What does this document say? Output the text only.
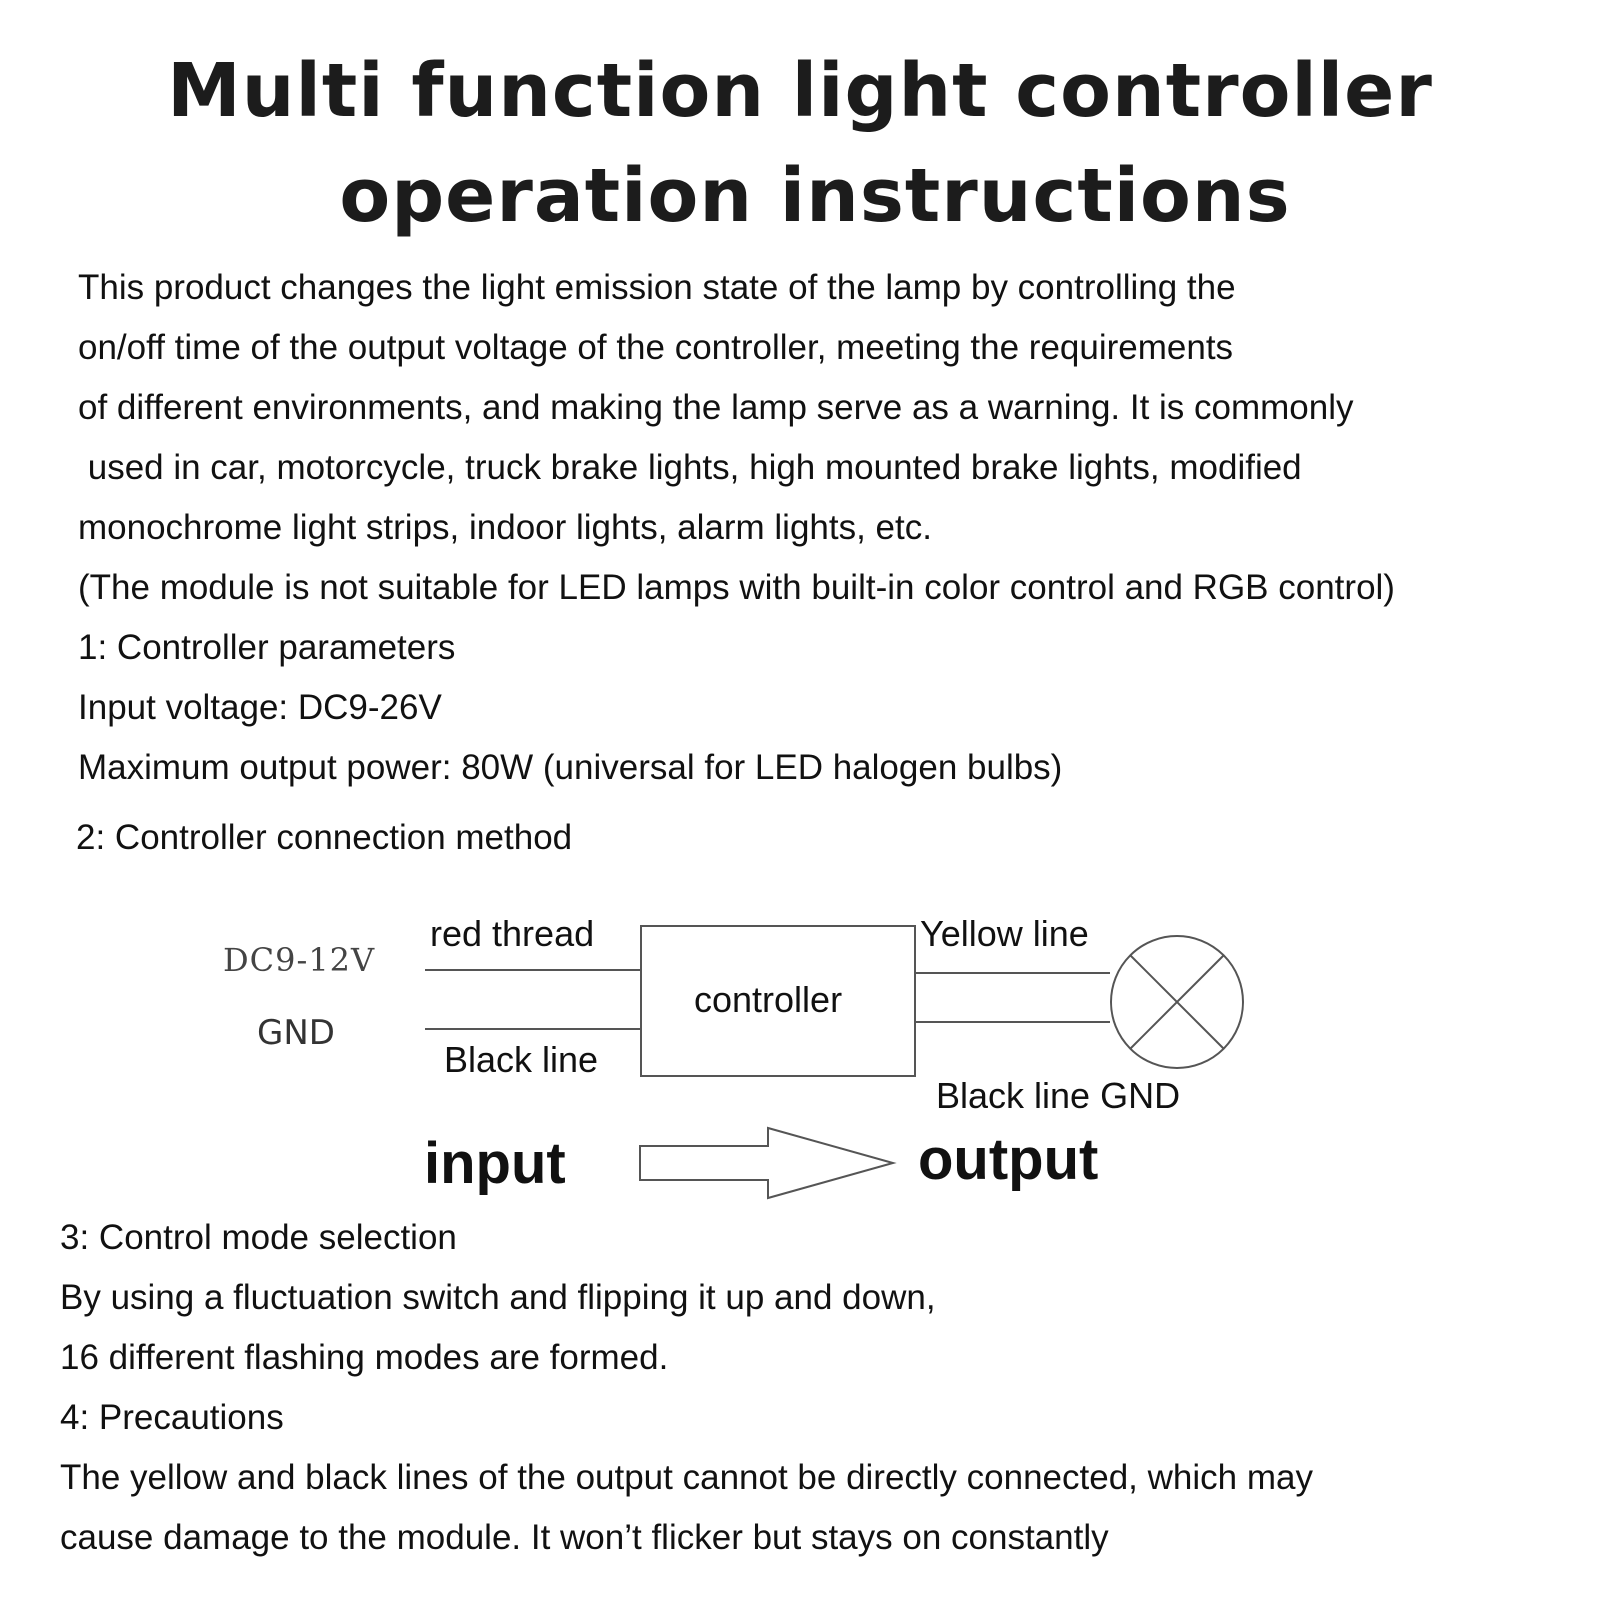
Multi function light controller
operation instructions
This product changes the light emission state of the lamp by controlling the
on/off time of the output voltage of the controller, meeting the requirements
of different environments, and making the lamp serve as a warning. It is commonly
used in car, motorcycle, truck brake lights, high mounted brake lights, modified
monochrome light strips, indoor lights, alarm lights, etc.
(The module is not suitable for LED lamps with built-in color control and RGB control)
1: Controller parameters
Input voltage: DC9-26V
Maximum output power: 80W (universal for LED halogen bulbs)
2: Controller connection method
DC9-12V
GND
red thread
Black line
controller
Yellow line
Black line GND
input	output
3: Control mode selection
By using a fluctuation switch and flipping it up and down,
16 different flashing modes are formed.
4: Precautions
The yellow and black lines of the output cannot be directly connected, which may
cause damage to the module. It won’t flicker but stays on constantly
